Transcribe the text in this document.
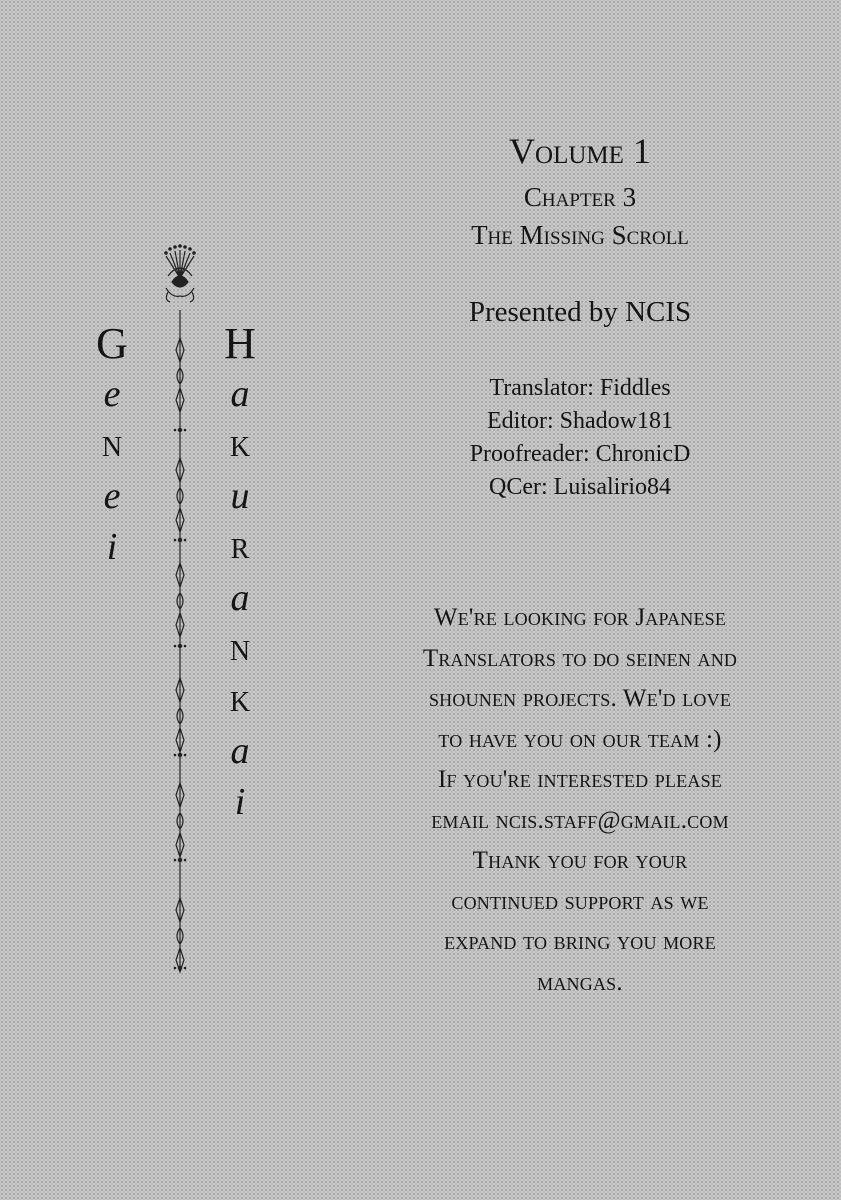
G
e
N
e
i
H
a
K
u
R
a
N
K
a
i
Volume 1
Chapter 3
The Missing Scroll
Presented by NCIS
Translator: Fiddles
Editor: Shadow181
Proofreader: ChronicD
QCer: Luisalirio84
We're looking for Japanese
Translators to do seinen and
shounen projects. We'd love
to have you on our team :)
If you're interested please
email ncis.staff@gmail.com
Thank you for your
continued support as we
expand to bring you more
mangas.
